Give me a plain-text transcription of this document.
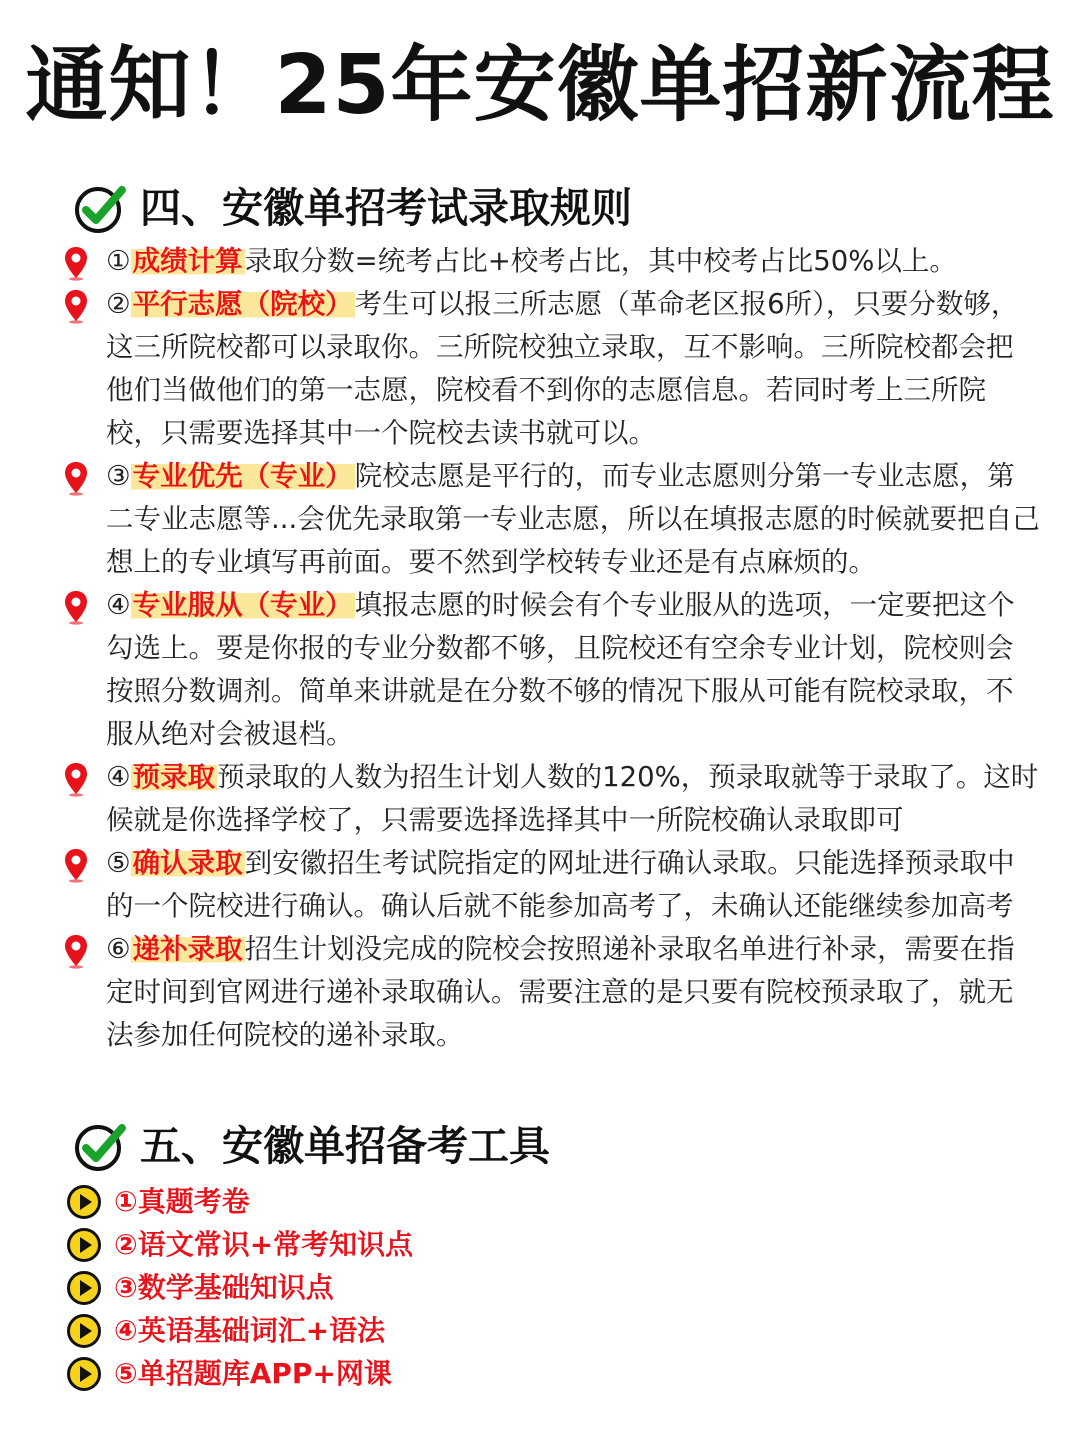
通知！25年安徽单招新流程
四、安徽单招考试录取规则
①成绩计算录取分数=统考占比+校考占比，其中校考占比50%以上。
②平行志愿（院校）考生可以报三所志愿（革命老区报6所），只要分数够，这三所院校都可以录取你。三所院校独立录取，互不影响。三所院校都会把他们当做他们的第一志愿，院校看不到你的志愿信息。若同时考上三所院校，只需要选择其中一个院校去读书就可以。
③专业优先（专业）院校志愿是平行的，而专业志愿则分第一专业志愿，第二专业志愿等...会优先录取第一专业志愿，所以在填报志愿的时候就要把自己想上的专业填写再前面。要不然到学校转专业还是有点麻烦的。
④专业服从（专业）填报志愿的时候会有个专业服从的选项，一定要把这个勾选上。要是你报的专业分数都不够，且院校还有空余专业计划，院校则会按照分数调剂。简单来讲就是在分数不够的情况下服从可能有院校录取，不服从绝对会被退档。
④预录取预录取的人数为招生计划人数的120%，预录取就等于录取了。这时候就是你选择学校了，只需要选择选择其中一所院校确认录取即可
⑤确认录取到安徽招生考试院指定的网址进行确认录取。只能选择预录取中的一个院校进行确认。确认后就不能参加高考了，未确认还能继续参加高考
⑥递补录取招生计划没完成的院校会按照递补录取名单进行补录，需要在指定时间到官网进行递补录取确认。需要注意的是只要有院校预录取了，就无法参加任何院校的递补录取。
五、安徽单招备考工具
①真题考卷
②语文常识+常考知识点
③数学基础知识点
④英语基础词汇+语法
⑤单招题库APP+网课
